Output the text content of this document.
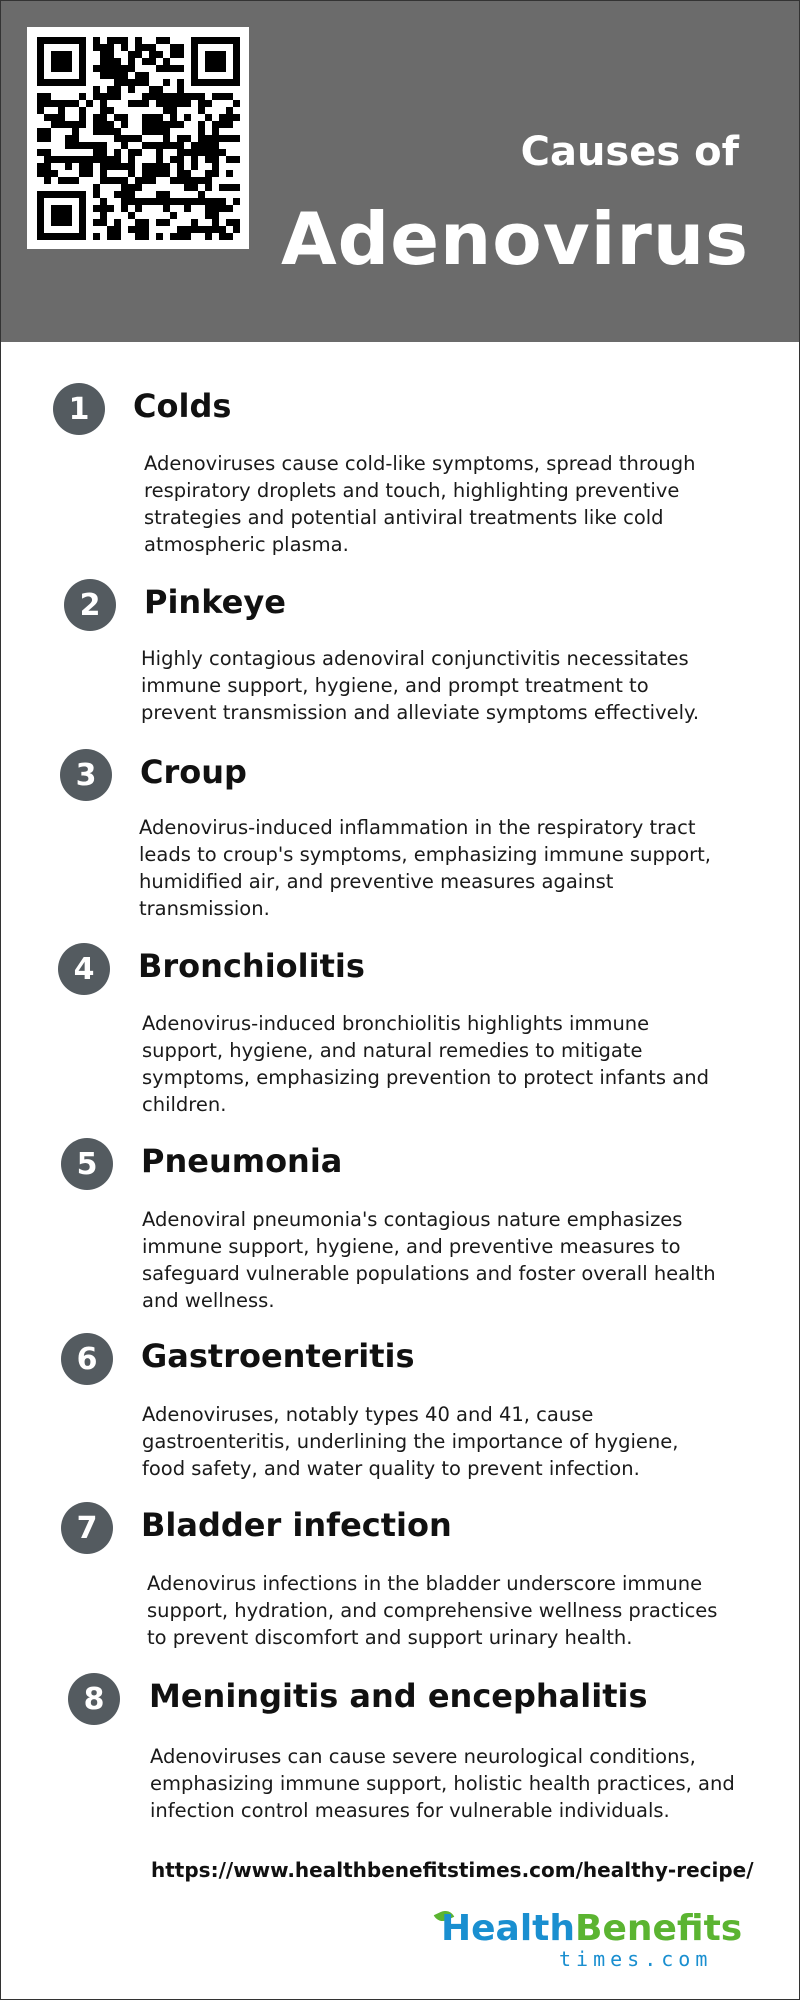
Causes of
Adenovirus
1	Colds
Adenoviruses cause cold-like symptoms, spread through respiratory droplets and touch, highlighting preventive strategies and potential antiviral treatments like cold atmospheric plasma.
2	Pinkeye
Highly contagious adenoviral conjunctivitis necessitates immune support, hygiene, and prompt treatment to prevent transmission and alleviate symptoms effectively.
3	Croup
Adenovirus-induced inflammation in the respiratory tract leads to croup's symptoms, emphasizing immune support, humidified air, and preventive measures against transmission.
4	Bronchiolitis
Adenovirus-induced bronchiolitis highlights immune support, hygiene, and natural remedies to mitigate symptoms, emphasizing prevention to protect infants and children.
5	Pneumonia
Adenoviral pneumonia's contagious nature emphasizes immune support, hygiene, and preventive measures to safeguard vulnerable populations and foster overall health and wellness.
6	Gastroenteritis
Adenoviruses, notably types 40 and 41, cause gastroenteritis, underlining the importance of hygiene, food safety, and water quality to prevent infection.
7	Bladder infection
Adenovirus infections in the bladder underscore immune support, hydration, and comprehensive wellness practices to prevent discomfort and support urinary health.
8	Meningitis and encephalitis
Adenoviruses can cause severe neurological conditions, emphasizing immune support, holistic health practices, and infection control measures for vulnerable individuals.
https://www.healthbenefitstimes.com/healthy-recipe/
HealthBenefits
times.com
